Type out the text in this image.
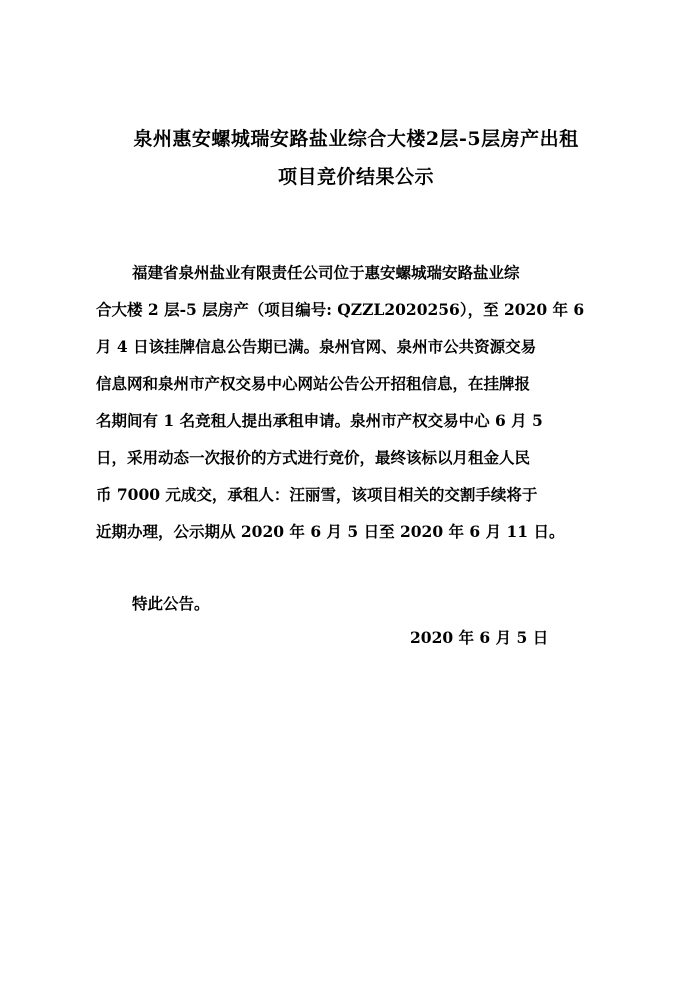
泉州惠安螺城瑞安路盐业综合大楼2层-5层房产出租
项目竞价结果公示

福建省泉州盐业有限责任公司位于惠安螺城瑞安路盐业综

合大楼 2 层-5 层房产（项目编号: QZZL2020256），至 2020 年 6

月 4 日该挂牌信息公告期已满。泉州官网、泉州市公共资源交易

信息网和泉州市产权交易中心网站公告公开招租信息，在挂牌报

名期间有 1 名竞租人提出承租申请。泉州市产权交易中心 6 月 5

日，采用动态一次报价的方式进行竞价，最终该标以月租金人民

币 7000 元成交，承租人：汪丽雪，该项目相关的交割手续将于

近期办理，公示期从 2020 年 6 月 5 日至 2020 年 6 月 11 日。

特此公告。

2020 年 6 月 5 日
